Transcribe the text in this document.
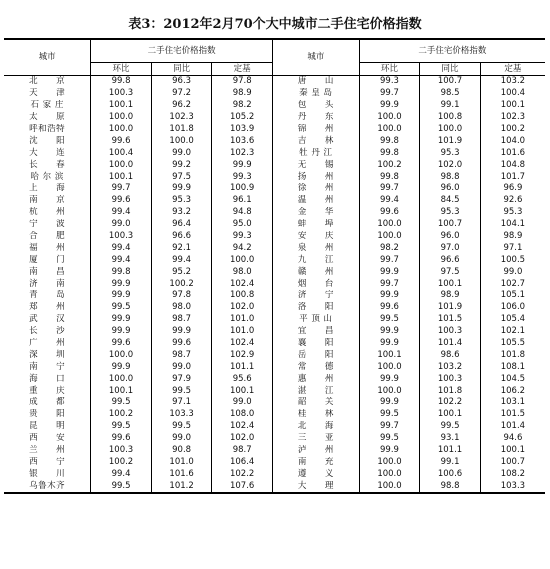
表3：2012年2月70个大中城市二手住宅价格指数
城市	二手住宅价格指数			城市	二手住宅价格指数		
	环比	同比	定基		环比	同比	定基
北　　京	99.8	96.3	97.8	唐　　山	99.3	100.7	103.2
天　　津	100.3	97.2	98.9	秦 皇 岛	99.7	98.5	100.4
石 家 庄	100.1	96.2	98.2	包　　头	99.9	99.1	100.1
太　　原	100.0	102.3	105.2	丹　　东	100.0	100.8	102.3
呼和浩特	100.0	101.8	103.9	锦　　州	100.0	100.0	100.2
沈　　阳	99.6	100.0	103.6	吉　　林	99.8	101.9	104.0
大　　连	100.4	99.0	102.3	牡 丹 江	99.8	95.3	101.6
长　　春	100.0	99.2	99.9	无　　锡	100.2	102.0	104.8
哈 尔 滨	100.1	97.5	99.3	扬　　州	99.8	98.8	101.7
上　　海	99.7	99.9	100.9	徐　　州	99.7	96.0	96.9
南　　京	99.6	95.3	96.1	温　　州	99.4	84.5	92.6
杭　　州	99.4	93.2	94.8	金　　华	99.6	95.3	95.3
宁　　波	99.0	96.4	95.0	蚌　　埠	100.0	100.7	104.1
合　　肥	100.3	96.6	99.3	安　　庆	100.0	96.0	98.9
福　　州	99.4	92.1	94.2	泉　　州	98.2	97.0	97.1
厦　　门	99.4	99.4	100.0	九　　江	99.7	96.6	100.5
南　　昌	99.8	95.2	98.0	赣　　州	99.9	97.5	99.0
济　　南	99.9	100.2	102.4	烟　　台	99.7	100.1	102.7
青　　岛	99.9	97.8	100.8	济　　宁	99.9	98.9	105.1
郑　　州	99.5	98.0	102.0	洛　　阳	99.6	101.9	106.0
武　　汉	99.9	98.7	101.0	平 顶 山	99.5	101.5	105.4
长　　沙	99.9	99.9	101.0	宜　　昌	99.9	100.3	102.1
广　　州	99.6	99.6	102.4	襄　　阳	99.9	101.4	105.5
深　　圳	100.0	98.7	102.9	岳　　阳	100.1	98.6	101.8
南　　宁	99.9	99.0	101.1	常　　德	100.0	103.2	108.1
海　　口	100.0	97.9	95.6	惠　　州	99.9	100.3	104.5
重　　庆	100.1	99.5	100.1	湛　　江	100.0	101.8	106.2
成　　都	99.5	97.1	99.0	韶　　关	99.9	102.2	103.1
贵　　阳	100.2	103.3	108.0	桂　　林	99.5	100.1	101.5
昆　　明	99.5	99.5	102.4	北　　海	99.7	99.5	101.4
西　　安	99.6	99.0	102.0	三　　亚	99.5	93.1	94.6
兰　　州	100.3	90.8	98.7	泸　　州	99.9	101.1	100.1
西　　宁	100.2	101.0	106.4	南　　充	100.0	99.1	100.7
银　　川	99.4	101.6	102.2	遵　　义	100.0	100.6	108.2
乌鲁木齐	99.5	101.2	107.6	大　　理	100.0	98.8	103.3
